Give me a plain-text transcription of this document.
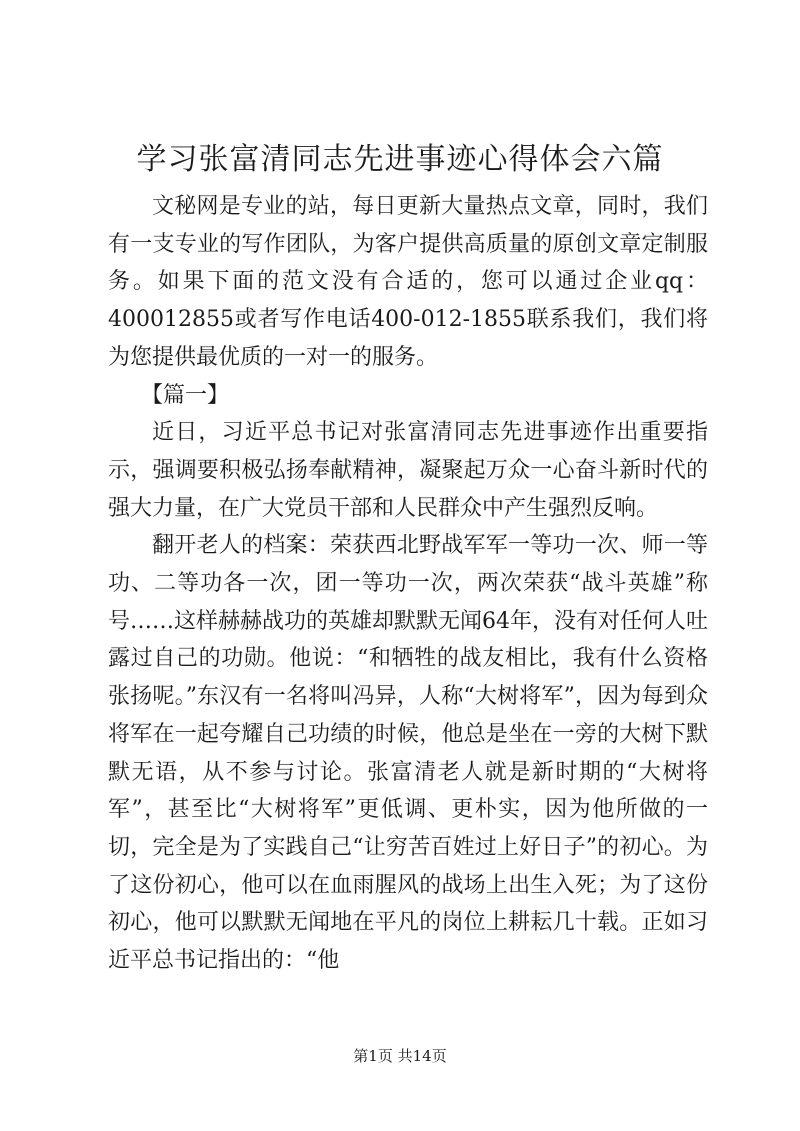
学习张富清同志先进事迹心得体会六篇

文秘网是专业的站，每日更新大量热点文章，同时，我们有一支专业的写作团队，为客户提供高质量的原创文章定制服务。如果下面的范文没有合适的，您可以通过企业qq：400012855或者写作电话400-012-1855联系我们，我们将为您提供最优质的一对一的服务。

【篇一】

近日，习近平总书记对张富清同志先进事迹作出重要指示，强调要积极弘扬奉献精神，凝聚起万众一心奋斗新时代的强大力量，在广大党员干部和人民群众中产生强烈反响。

翻开老人的档案：荣获西北野战军军一等功一次、师一等功、二等功各一次，团一等功一次，两次荣获“战斗英雄”称号……这样赫赫战功的英雄却默默无闻64年，没有对任何人吐露过自己的功勋。他说：“和牺牲的战友相比，我有什么资格张扬呢。”东汉有一名将叫冯异，人称“大树将军”，因为每到众将军在一起夸耀自己功绩的时候，他总是坐在一旁的大树下默默无语，从不参与讨论。张富清老人就是新时期的“大树将军”，甚至比“大树将军”更低调、更朴实，因为他所做的一切，完全是为了实践自己“让穷苦百姓过上好日子”的初心。为了这份初心，他可以在血雨腥风的战场上出生入死；为了这份初心，他可以默默无闻地在平凡的岗位上耕耘几十载。正如习近平总书记指出的：“他

第1页 共14页
